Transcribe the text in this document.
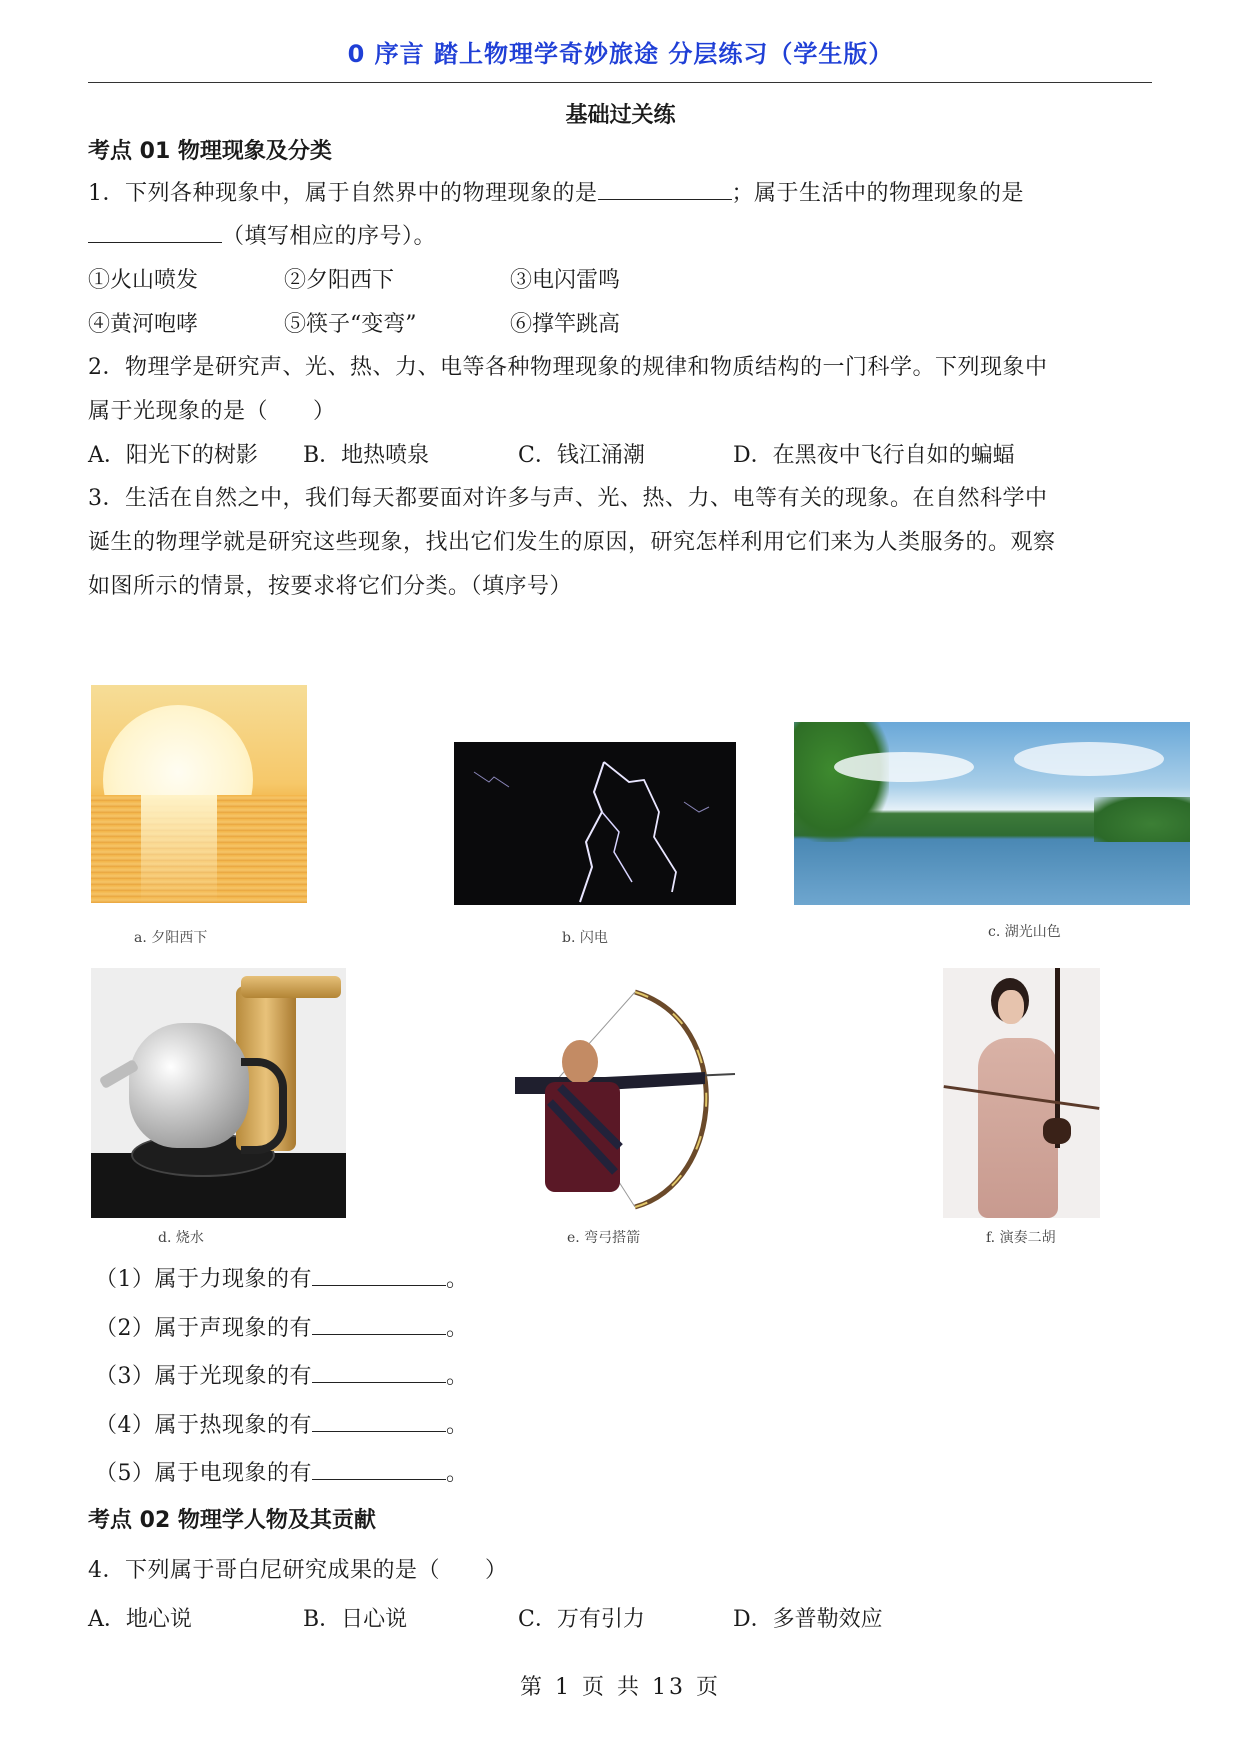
0 序言 踏上物理学奇妙旅途 分层练习（学生版）
基础过关练
考点 01 物理现象及分类
1．下列各种现象中，属于自然界中的物理现象的是	；属于生活中的物理现象的是
（填写相应的序号）。
①火山喷发	②夕阳西下	③电闪雷鸣
④黄河咆哮	⑤筷子“变弯”	⑥撑竿跳高
2．物理学是研究声、光、热、力、电等各种物理现象的规律和物质结构的一门科学。下列现象中
属于光现象的是（　　）
A．阳光下的树影 B．地热喷泉	C．钱江涌潮	D．在黑夜中飞行自如的蝙蝠
3．生活在自然之中，我们每天都要面对许多与声、光、热、力、电等有关的现象。在自然科学中
诞生的物理学就是研究这些现象，找出它们发生的原因，研究怎样利用它们来为人类服务的。观察
如图所示的情景，按要求将它们分类。（填序号）
a. 夕阳西下	b. 闪电	c. 湖光山色
d. 烧水	e. 弯弓搭箭	f. 演奏二胡
（1）属于力现象的有	。
（2）属于声现象的有	。
（3）属于光现象的有	。
（4）属于热现象的有	。
（5）属于电现象的有	。
考点 02 物理学人物及其贡献
4．下列属于哥白尼研究成果的是（　　）
A．地心说	B．日心说	C．万有引力	D．多普勒效应
第 1 页 共 13 页
